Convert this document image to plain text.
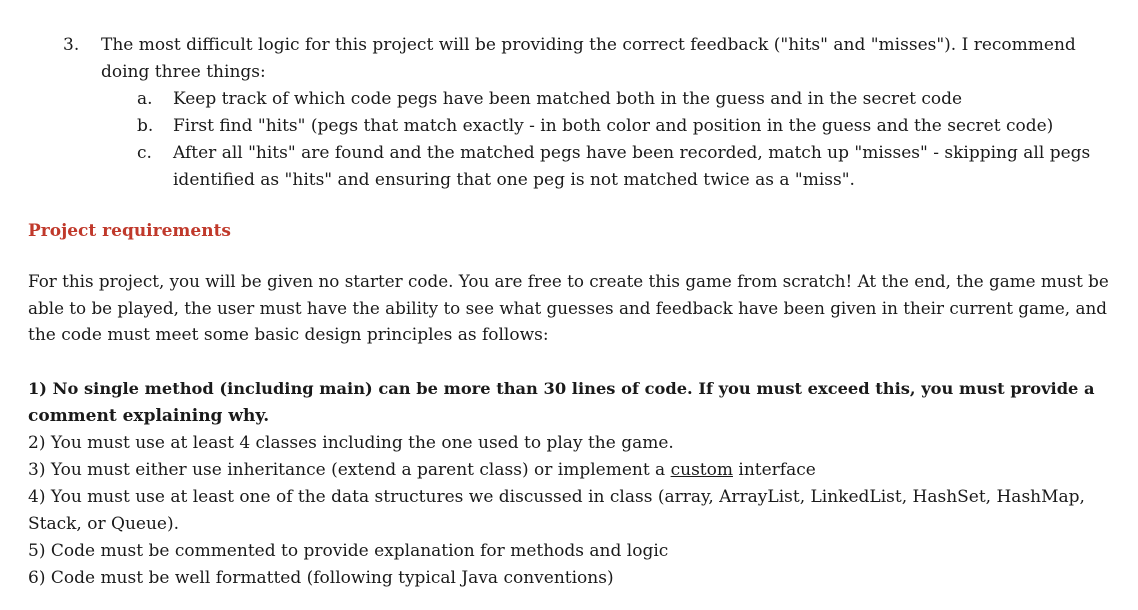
3. The most difficult logic for this project will be providing the correct feedback ("hits" and "misses"). I recommend
doing three things:
a. Keep track of which code pegs have been matched both in the guess and in the secret code
b. First find "hits" (pegs that match exactly - in both color and position in the guess and the secret code)
c. After all "hits" are found and the matched pegs have been recorded, match up "misses" - skipping all pegs
identified as "hits" and ensuring that one peg is not matched twice as a "miss".
Project requirements
For this project, you will be given no starter code. You are free to create this game from scratch! At the end, the game must be
able to be played, the user must have the ability to see what guesses and feedback have been given in their current game, and
the code must meet some basic design principles as follows:
1) No single method (including main) can be more than 30 lines of code. If you must exceed this, you must provide a
comment explaining why.
2) You must use at least 4 classes including the one used to play the game.
3) You must either use inheritance (extend a parent class) or implement a custom interface
4) You must use at least one of the data structures we discussed in class (array, ArrayList, LinkedList, HashSet, HashMap,
Stack, or Queue).
5) Code must be commented to provide explanation for methods and logic
6) Code must be well formatted (following typical Java conventions)
